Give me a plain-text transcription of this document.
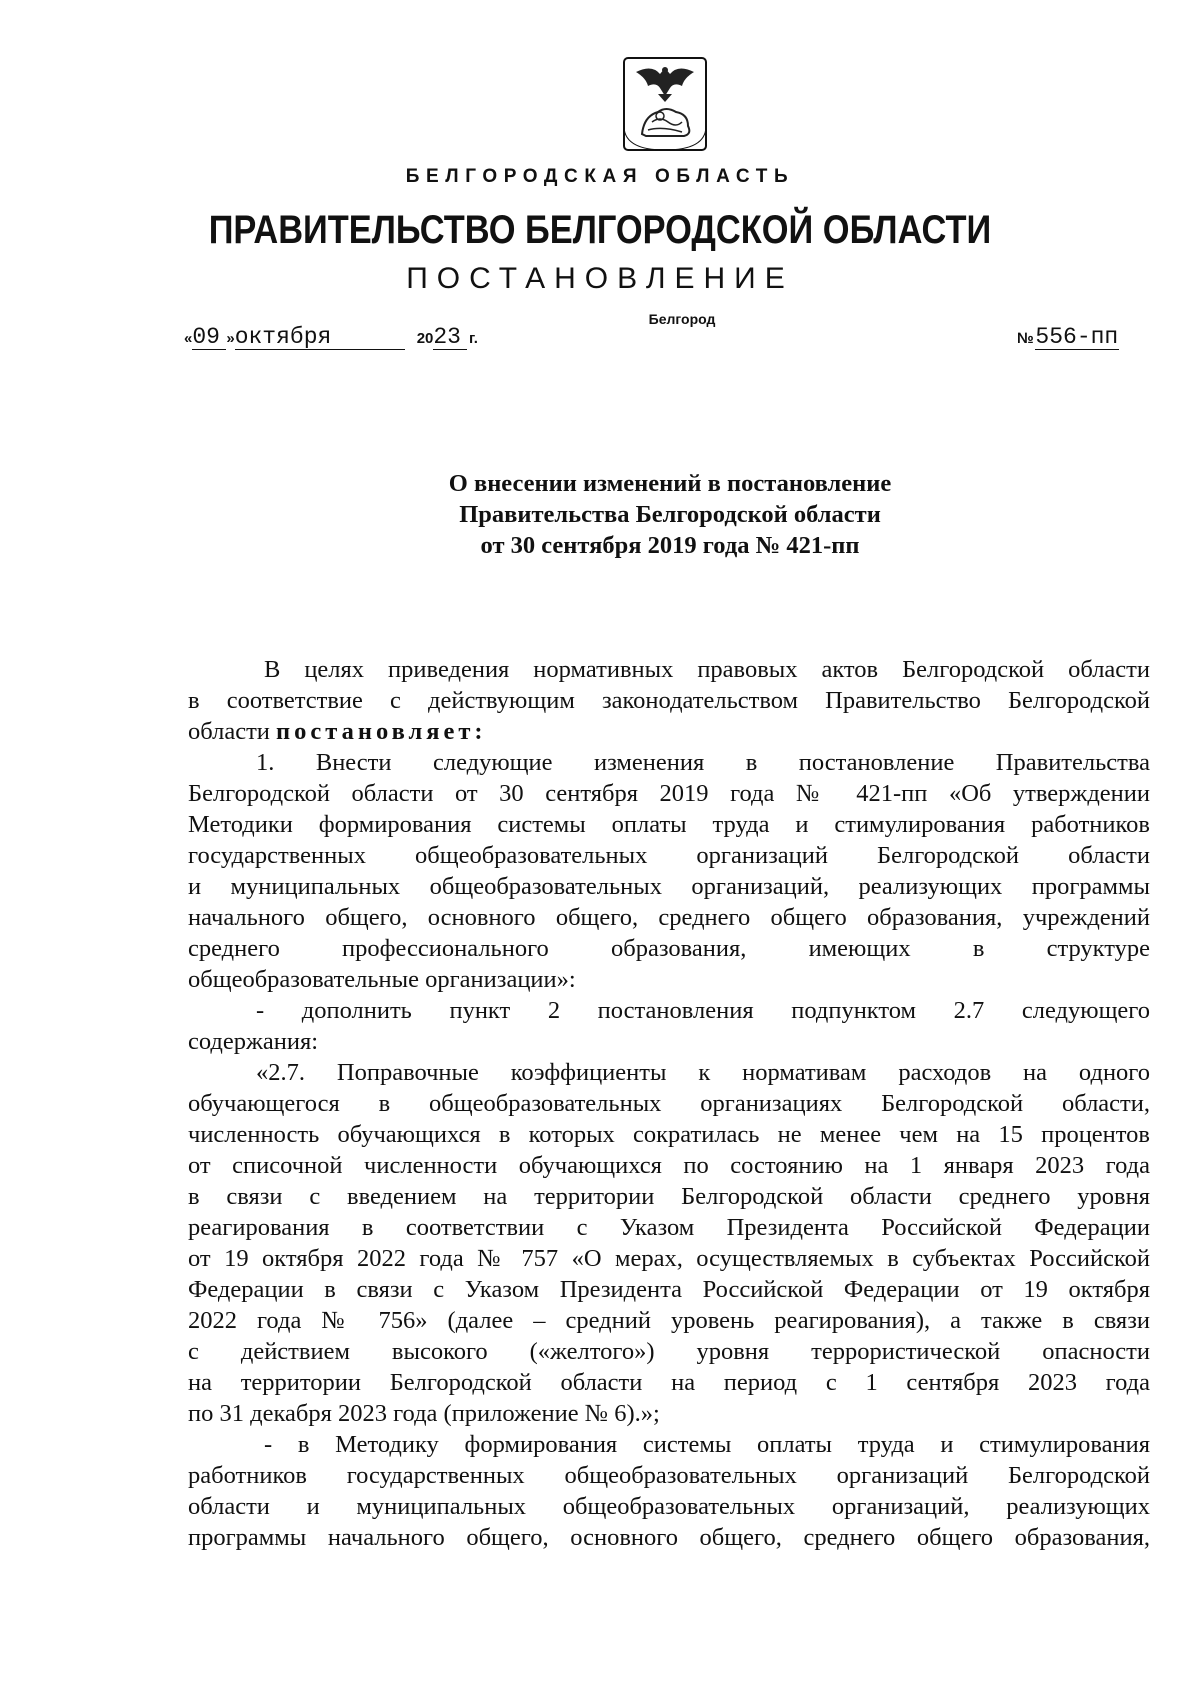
БЕЛГОРОДСКАЯ ОБЛАСТЬ
ПРАВИТЕЛЬСТВО БЕЛГОРОДСКОЙ ОБЛАСТИ
ПОСТАНОВЛЕНИЕ
Белгород
«09 »октября	2023  г.	№ 556-пп
О внесении изменений в постановление
Правительства Белгородской области
от 30 сентября 2019 года № 421-пп
В целях приведения нормативных правовых актов Белгородской области
в соответствие с действующим законодательством Правительство Белгородской
области постановляет:
1. Внести следующие изменения в постановление Правительства
Белгородской области от 30 сентября 2019 года № 421-пп «Об утверждении
Методики формирования системы оплаты труда и стимулирования работников
государственных общеобразовательных организаций Белгородской области
и муниципальных общеобразовательных организаций, реализующих программы
начального общего, основного общего, среднего общего образования, учреждений
среднего профессионального образования, имеющих в структуре
общеобразовательные организации»:
- дополнить пункт 2 постановления подпунктом 2.7 следующего
содержания:
«2.7. Поправочные коэффициенты к нормативам расходов на одного
обучающегося в общеобразовательных организациях Белгородской области,
численность обучающихся в которых сократилась не менее чем на 15 процентов
от списочной численности обучающихся по состоянию на 1 января 2023 года
в связи с введением на территории Белгородской области среднего уровня
реагирования в соответствии с Указом Президента Российской Федерации
от 19 октября 2022 года № 757 «О мерах, осуществляемых в субъектах Российской
Федерации в связи с Указом Президента Российской Федерации от 19 октября
2022 года № 756» (далее – средний уровень реагирования), а также в связи
с действием высокого («желтого») уровня террористической опасности
на территории Белгородской области на период с 1 сентября 2023 года
по 31 декабря 2023 года (приложение № 6).»;
- в Методику формирования системы оплаты труда и стимулирования
работников государственных общеобразовательных организаций Белгородской
области и муниципальных общеобразовательных организаций, реализующих
программы начального общего, основного общего, среднего общего образования,
